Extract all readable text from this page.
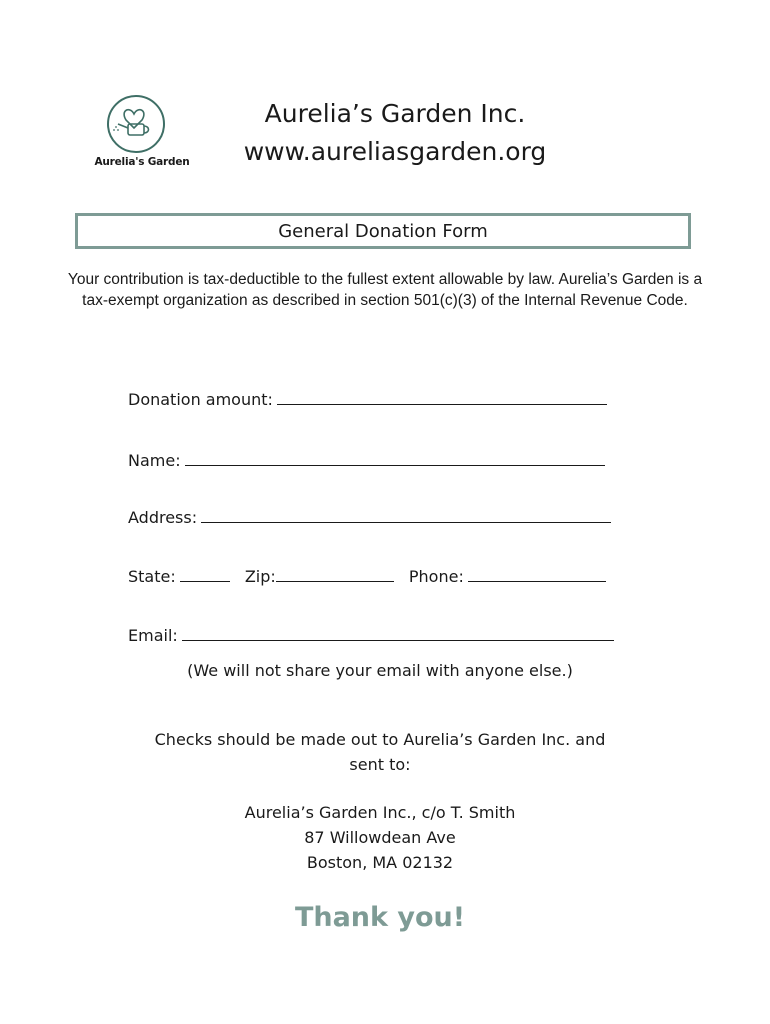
Aurelia's Garden
Aurelia’s Garden Inc.
www.aureliasgarden.org
General Donation Form
Your contribution is tax-deductible to the fullest extent allowable by law. Aurelia’s Garden is a tax-exempt organization as described in section 501(c)(3) of the Internal Revenue Code.
Donation amount:
Name:
Address:
State:	Zip:	Phone:
Email:
(We will not share your email with anyone else.)
Checks should be made out to Aurelia’s Garden Inc. and sent to:
Aurelia’s Garden Inc., c/o T. Smith
87 Willowdean Ave
Boston, MA 02132
Thank you!
